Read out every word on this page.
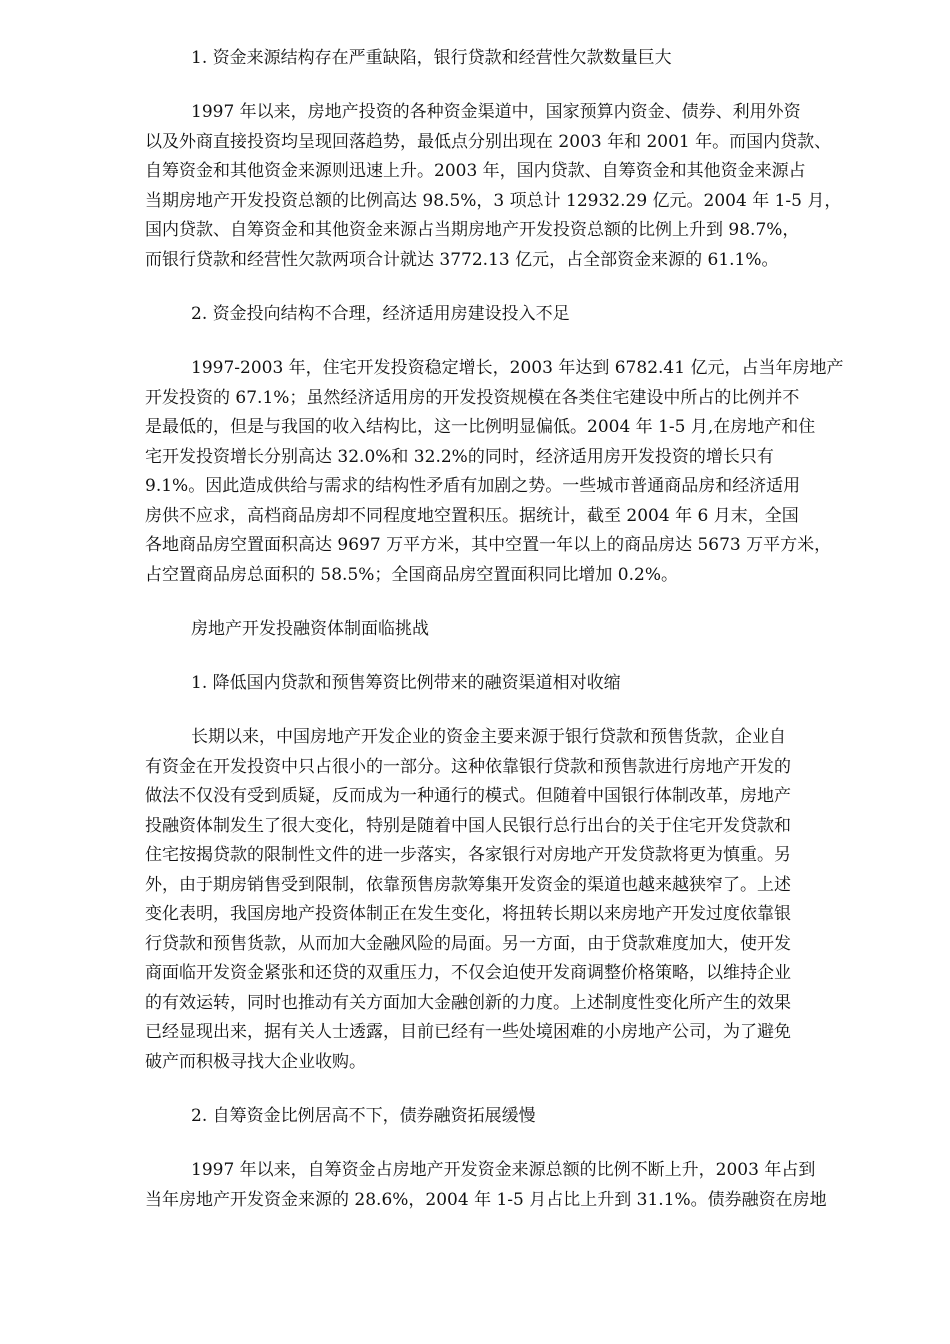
1. 资金来源结构存在严重缺陷，银行贷款和经营性欠款数量巨大

1997 年以来，房地产投资的各种资金渠道中，国家预算内资金、债券、利用外资
以及外商直接投资均呈现回落趋势，最低点分别出现在 2003 年和 2001 年。而国内贷款、
自筹资金和其他资金来源则迅速上升。2003 年，国内贷款、自筹资金和其他资金来源占
当期房地产开发投资总额的比例高达 98.5%，3 项总计 12932.29 亿元。2004 年 1-5 月，
国内贷款、自筹资金和其他资金来源占当期房地产开发投资总额的比例上升到 98.7%，
而银行贷款和经营性欠款两项合计就达 3772.13 亿元，占全部资金来源的 61.1%。

2. 资金投向结构不合理，经济适用房建设投入不足

1997-2003 年，住宅开发投资稳定增长，2003 年达到 6782.41 亿元，占当年房地产
开发投资的 67.1%；虽然经济适用房的开发投资规模在各类住宅建设中所占的比例并不
是最低的，但是与我国的收入结构比，这一比例明显偏低。2004 年 1-5 月,在房地产和住
宅开发投资增长分别高达 32.0%和 32.2%的同时，经济适用房开发投资的增长只有
9.1%。因此造成供给与需求的结构性矛盾有加剧之势。一些城市普通商品房和经济适用
房供不应求，高档商品房却不同程度地空置积压。据统计，截至 2004 年 6 月末，全国
各地商品房空置面积高达 9697 万平方米，其中空置一年以上的商品房达 5673 万平方米，
占空置商品房总面积的 58.5%；全国商品房空置面积同比增加 0.2%。

房地产开发投融资体制面临挑战

1. 降低国内贷款和预售筹资比例带来的融资渠道相对收缩

长期以来，中国房地产开发企业的资金主要来源于银行贷款和预售货款，企业自
有资金在开发投资中只占很小的一部分。这种依靠银行贷款和预售款进行房地产开发的
做法不仅没有受到质疑，反而成为一种通行的模式。但随着中国银行体制改革，房地产
投融资体制发生了很大变化，特别是随着中国人民银行总行出台的关于住宅开发贷款和
住宅按揭贷款的限制性文件的进一步落实，各家银行对房地产开发贷款将更为慎重。另
外，由于期房销售受到限制，依靠预售房款筹集开发资金的渠道也越来越狭窄了。上述
变化表明，我国房地产投资体制正在发生变化，将扭转长期以来房地产开发过度依靠银
行贷款和预售货款，从而加大金融风险的局面。另一方面，由于贷款难度加大，使开发
商面临开发资金紧张和还贷的双重压力，不仅会迫使开发商调整价格策略，以维持企业
的有效运转，同时也推动有关方面加大金融创新的力度。上述制度性变化所产生的效果
已经显现出来，据有关人士透露，目前已经有一些处境困难的小房地产公司，为了避免
破产而积极寻找大企业收购。

2. 自筹资金比例居高不下，债券融资拓展缓慢

1997 年以来，自筹资金占房地产开发资金来源总额的比例不断上升，2003 年占到
当年房地产开发资金来源的 28.6%，2004 年 1-5 月占比上升到 31.1%。债券融资在房地
